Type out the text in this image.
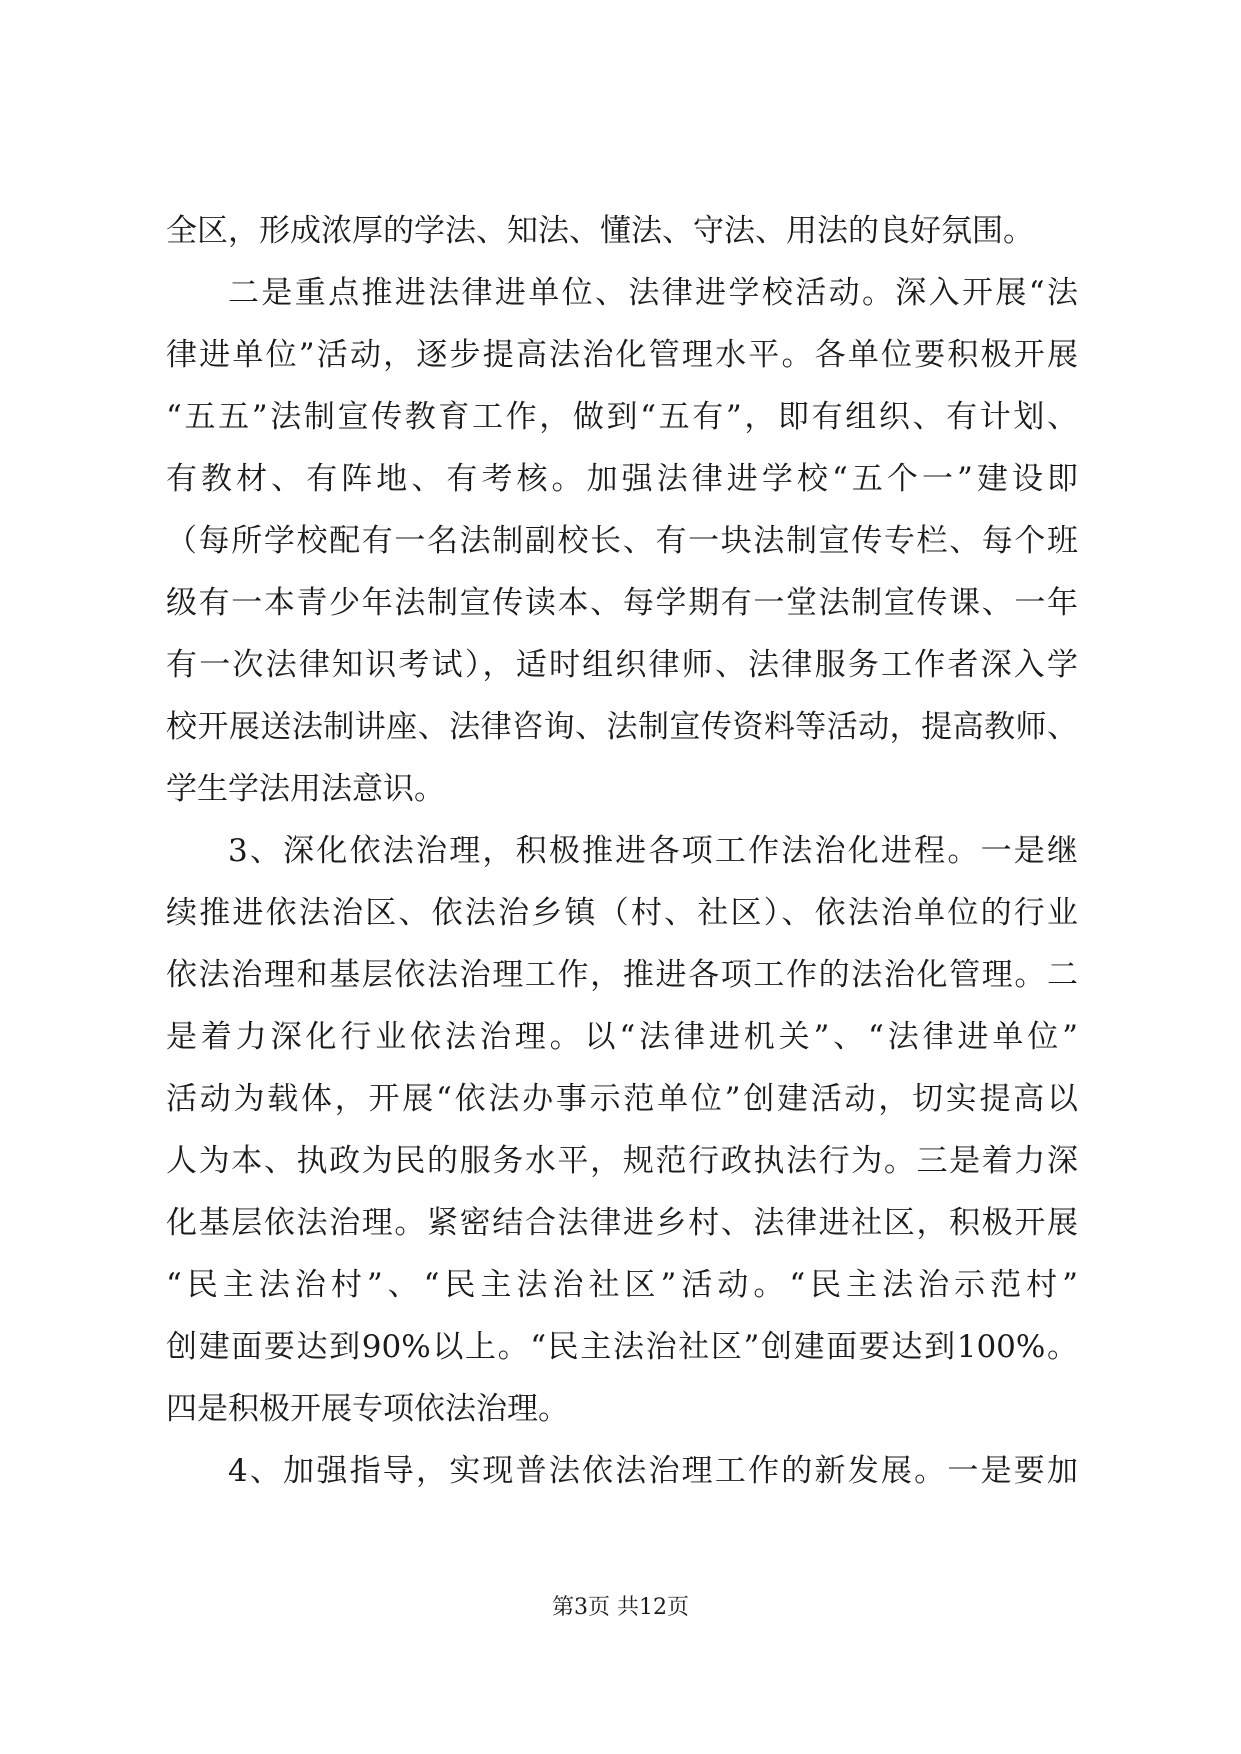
全区，形成浓厚的学法、知法、懂法、守法、用法的良好氛围。
二是重点推进法律进单位、法律进学校活动。深入开展“法
律进单位”活动，逐步提高法治化管理水平。各单位要积极开展
“五五”法制宣传教育工作，做到“五有”，即有组织、有计划、
有教材、有阵地、有考核。加强法律进学校“五个一”建设即
（每所学校配有一名法制副校长、有一块法制宣传专栏、每个班
级有一本青少年法制宣传读本、每学期有一堂法制宣传课、一年
有一次法律知识考试），适时组织律师、法律服务工作者深入学
校开展送法制讲座、法律咨询、法制宣传资料等活动，提高教师、
学生学法用法意识。
3、深化依法治理，积极推进各项工作法治化进程。一是继
续推进依法治区、依法治乡镇（村、社区）、依法治单位的行业
依法治理和基层依法治理工作，推进各项工作的法治化管理。二
是着力深化行业依法治理。以“法律进机关”、“法律进单位”
活动为载体，开展“依法办事示范单位”创建活动，切实提高以
人为本、执政为民的服务水平，规范行政执法行为。三是着力深
化基层依法治理。紧密结合法律进乡村、法律进社区，积极开展
“民主法治村”、“民主法治社区”活动。“民主法治示范村”
创建面要达到90%以上。“民主法治社区”创建面要达到100%。
四是积极开展专项依法治理。
4、加强指导，实现普法依法治理工作的新发展。一是要加
第3页 共12页
